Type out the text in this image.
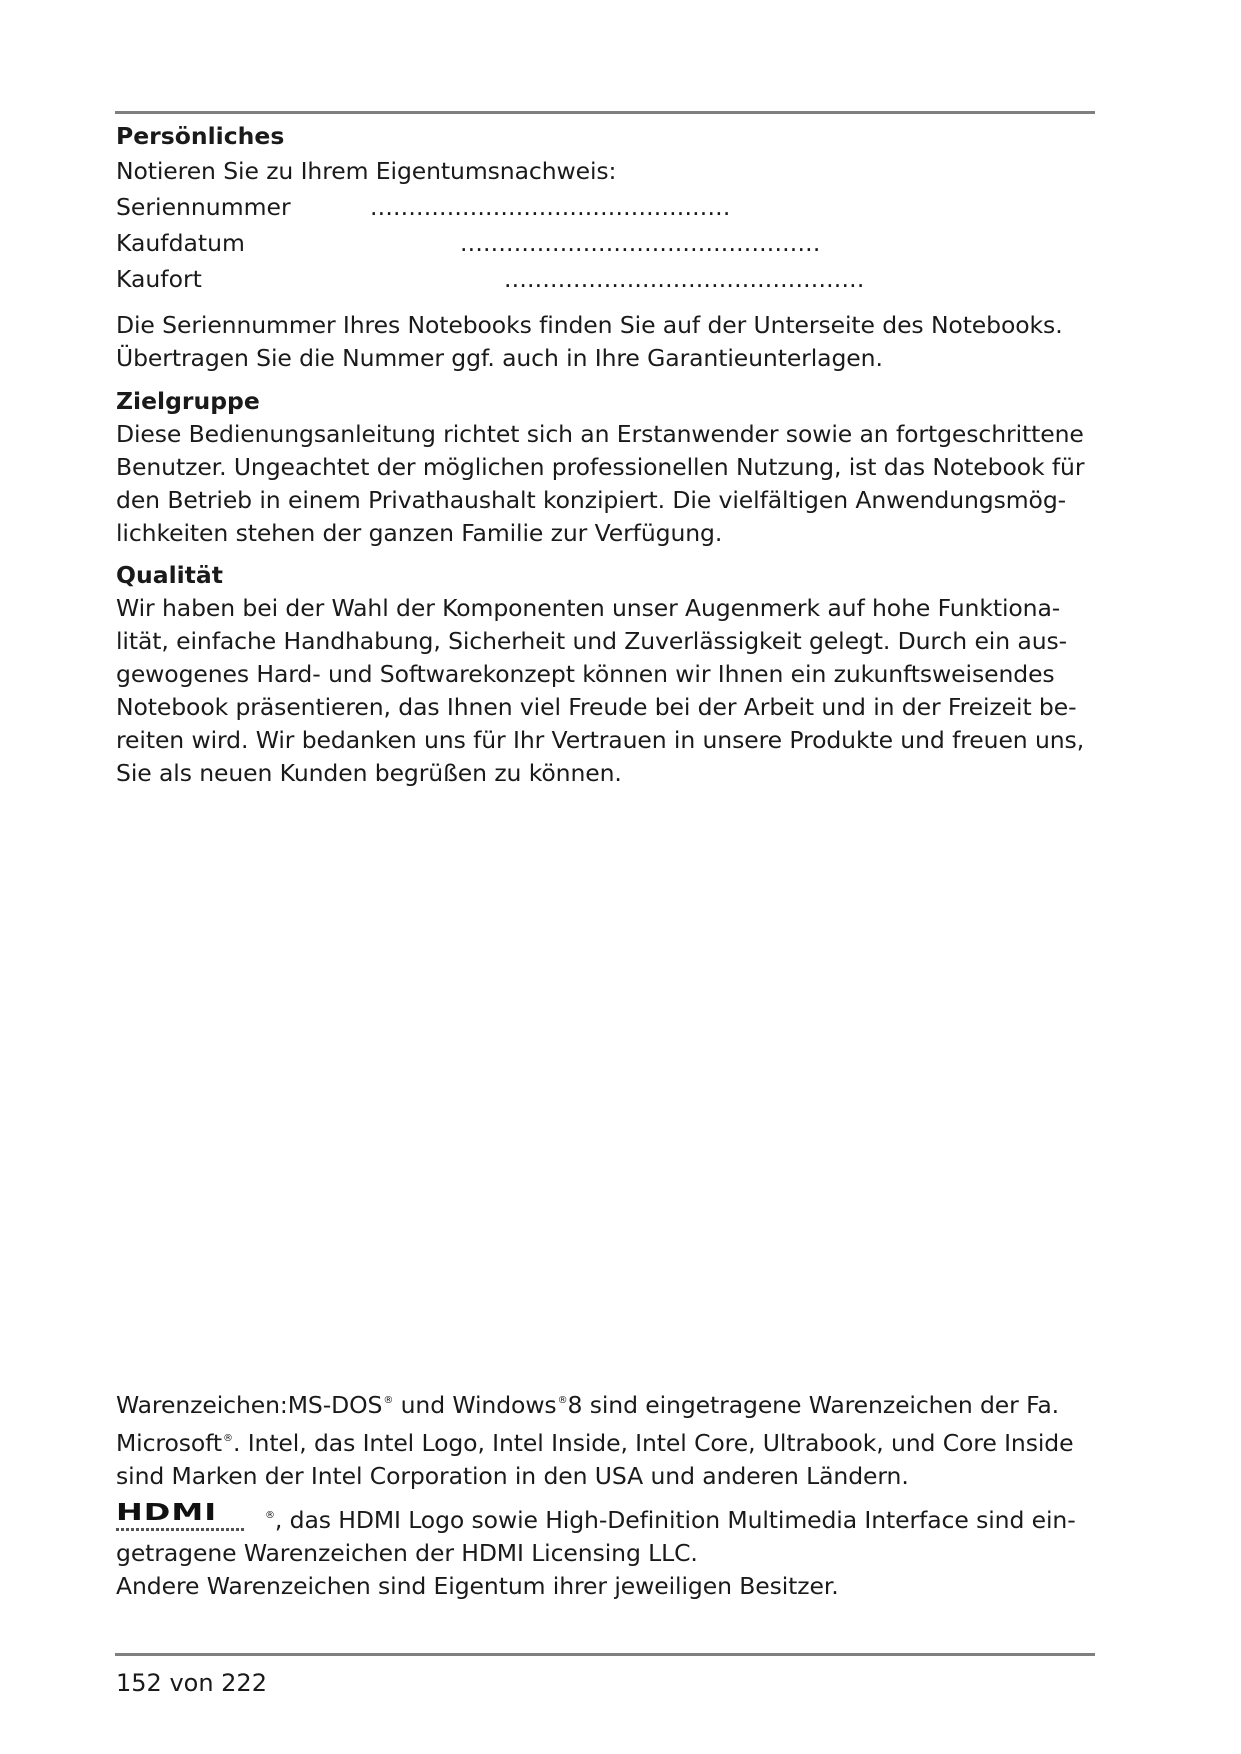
Persönliches

Notieren Sie zu Ihrem Eigentumsnachweis:

Seriennummer	...............................................
Kaufdatum	...............................................
Kaufort	...............................................
Die Seriennummer Ihres Notebooks finden Sie auf der Unterseite des Notebooks.
Übertragen Sie die Nummer ggf. auch in Ihre Garantieunterlagen.

Zielgruppe

Diese Bedienungsanleitung richtet sich an Erstanwender sowie an fortgeschrittene
Benutzer. Ungeachtet der möglichen professionellen Nutzung, ist das Notebook für
den Betrieb in einem Privathaushalt konzipiert. Die vielfältigen Anwendungsmög-
lichkeiten stehen der ganzen Familie zur Verfügung.

Qualität

Wir haben bei der Wahl der Komponenten unser Augenmerk auf hohe Funktiona-
lität, einfache Handhabung, Sicherheit und Zuverlässigkeit gelegt. Durch ein aus-
gewogenes Hard- und Softwarekonzept können wir Ihnen ein zukunftsweisendes
Notebook präsentieren, das Ihnen viel Freude bei der Arbeit und in der Freizeit be-
reiten wird. Wir bedanken uns für Ihr Vertrauen in unsere Produkte und freuen uns,
Sie als neuen Kunden begrüßen zu können.
Warenzeichen:MS-DOS® und Windows®8 sind eingetragene Warenzeichen der Fa.
Microsoft®. Intel, das Intel Logo, Intel Inside, Intel Core, Ultrabook, und Core Inside
sind Marken der Intel Corporation in den USA und anderen Ländern.
HDMI	®, das HDMI Logo sowie High-Definition Multimedia Interface sind ein-
getragene Warenzeichen der HDMI Licensing LLC.
Andere Warenzeichen sind Eigentum ihrer jeweiligen Besitzer.
152 von 222
